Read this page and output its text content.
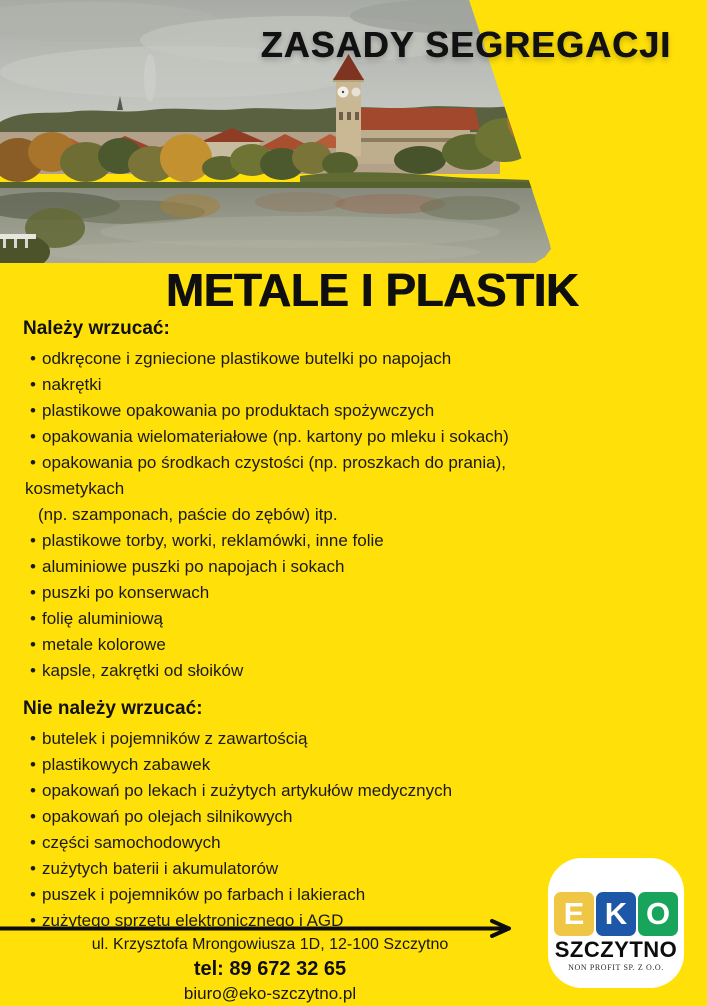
ZASADY SEGREGACJI
METALE I PLASTIK
Należy wrzucać:
• odkręcone i zgniecione plastikowe butelki po napojach
• nakrętki
• plastikowe opakowania po produktach spożywczych
• opakowania wielomateriałowe (np. kartony po mleku i sokach)
• opakowania po środkach czystości (np. proszkach do prania),
kosmetykach
(np. szamponach, paście do zębów) itp.
• plastikowe torby, worki, reklamówki, inne folie
• aluminiowe puszki po napojach i sokach
• puszki po konserwach
• folię aluminiową
• metale kolorowe
• kapsle, zakrętki od słoików
Nie należy wrzucać:
• butelek i pojemników z zawartością
• plastikowych zabawek
• opakowań po lekach i zużytych artykułów medycznych
• opakowań po olejach silnikowych
• części samochodowych
• zużytych baterii i akumulatorów
• puszek i pojemników po farbach i lakierach
• zużytego sprzętu elektronicznego i AGD
ul. Krzysztofa Mrongowiusza 1D, 12-100 Szczytno
tel: 89 672 32 65
biuro@eko-szczytno.pl
E K O
SZCZYTNO
NON PROFIT SP. Z O.O.
